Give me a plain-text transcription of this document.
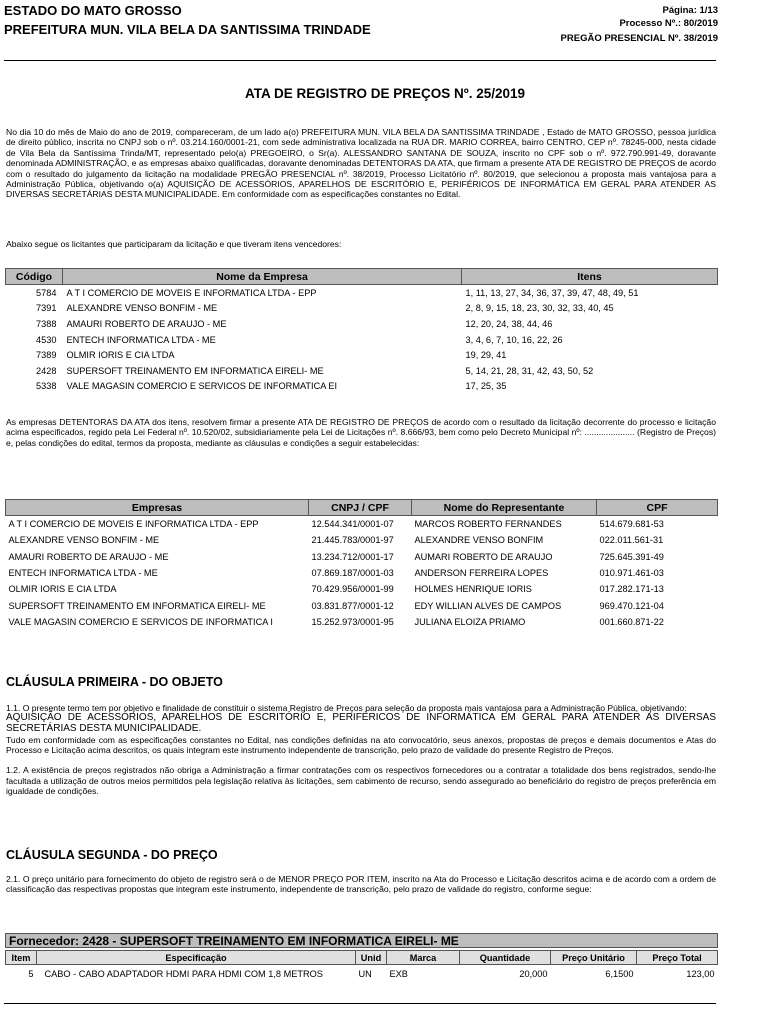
ESTADO DO MATO GROSSO
PREFEITURA MUN. VILA BELA DA SANTISSIMA TRINDADE
Página: 1/13
Processo Nº.: 80/2019
PREGÃO PRESENCIAL Nº. 38/2019
ATA DE REGISTRO DE PREÇOS Nº. 25/2019

No dia 10 do mês de Maio do ano de 2019, compareceram, de um lado a(o) PREFEITURA MUN. VILA BELA DA SANTISSIMA TRINDADE , Estado de MATO GROSSO, pessoa jurídica de direito público, inscrita no CNPJ sob o nº. 03.214.160/0001-21, com sede administrativa localizada na RUA DR. MARIO CORREA, bairro CENTRO, CEP nº. 78245-000, nesta cidade de Vila Bela da Santíssima Trinda/MT, representado pelo(a) PREGOEIRO, o Sr(a). ALESSANDRO SANTANA DE SOUZA, inscrito no CPF sob o nº. 972.790.991-49, doravante denominada ADMINISTRAÇÃO, e as empresas abaixo qualificadas, doravante denominadas DETENTORAS DA ATA, que firmam a presente ATA DE REGISTRO DE PREÇOS de acordo com o resultado do julgamento da licitação na modalidade PREGÃO PRESENCIAL nº. 38/2019, Processo Licitatório nº. 80/2019, que selecionou a proposta mais vantajosa para a Administração Pública, objetivando o(a) AQUISIÇÃO DE ACESSÓRIOS, APARELHOS DE ESCRITÓRIO E, PERIFÉRICOS DE INFORMÁTICA EM GERAL PARA ATENDER AS DIVERSAS SECRETÁRIAS DESTA MUNICIPALIDADE. Em conformidade com as especificações constantes no Edital.

Abaixo segue os licitantes que participaram da licitação e que tiveram itens vencedores:

Código	Nome da Empresa	Itens
5784	A T I COMERCIO DE MOVEIS E INFORMATICA LTDA - EPP	1, 11, 13, 27, 34, 36, 37, 39, 47, 48, 49, 51
7391	ALEXANDRE VENSO BONFIM - ME	2, 8, 9, 15, 18, 23, 30, 32, 33, 40, 45
7388	AMAURI ROBERTO DE ARAUJO - ME	12, 20, 24, 38, 44, 46
4530	ENTECH INFORMATICA LTDA - ME	3, 4, 6, 7, 10, 16, 22, 26
7389	OLMIR IORIS E CIA LTDA	19, 29, 41
2428	SUPERSOFT TREINAMENTO EM INFORMATICA EIRELI- ME	5, 14, 21, 28, 31, 42, 43, 50, 52
5338	VALE MAGASIN COMERCIO E SERVICOS DE INFORMATICA EI	17, 25, 35

As empresas DETENTORAS DA ATA dos itens, resolvem firmar a presente ATA DE REGISTRO DE PREÇOS de acordo com o resultado da licitação decorrente do processo e licitação acima especificados, regido pela Lei Federal nº. 10.520/02, subsidiariamente pela Lei de Licitações nº. 8.666/93, bem como pelo Decreto Municipal nº: ..................... (Registro de Preços) e, pelas condições do edital, termos da proposta, mediante as cláusulas e condições a seguir estabelecidas:

Empresas	CNPJ / CPF	Nome do Representante	CPF
A T I COMERCIO DE MOVEIS E INFORMATICA LTDA - EPP	12.544.341/0001-07	MARCOS ROBERTO FERNANDES	514.679.681-53
ALEXANDRE VENSO BONFIM - ME	21.445.783/0001-97	ALEXANDRE VENSO BONFIM	022.011.561-31
AMAURI ROBERTO DE ARAUJO - ME	13.234.712/0001-17	AUMARI ROBERTO DE ARAUJO	725.645.391-49
ENTECH INFORMATICA LTDA - ME	07.869.187/0001-03	ANDERSON FERREIRA LOPES	010.971.461-03
OLMIR IORIS E CIA LTDA	70.429.956/0001-99	HOLMES HENRIQUE IORIS	017.282.171-13
SUPERSOFT TREINAMENTO EM INFORMATICA EIRELI- ME	03.831.877/0001-12	EDY WILLIAN ALVES DE CAMPOS	969.470.121-04
VALE MAGASIN COMERCIO E SERVICOS DE INFORMATICA I	15.252.973/0001-95	JULIANA ELOIZA PRIAMO	001.660.871-22
CLÁUSULA PRIMEIRA - DO OBJETO

1.1. O presente termo tem por objetivo e finalidade de constituir o sistema Registro de Preços para seleção da proposta mais vantajosa para a Administração Pública, objetivando:

AQUISIÇÃO DE ACESSÓRIOS, APARELHOS DE ESCRITÓRIO E, PERIFÉRICOS DE INFORMÁTICA EM GERAL PARA ATENDER AS DIVERSAS SECRETÁRIAS DESTA MUNICIPALIDADE.

Tudo em conformidade com as especificações constantes no Edital, nas condições definidas na ato convocatório, seus anexos, propostas de preços e demais documentos e Atas do Processo e Licitação acima descritos, os quais integram este instrumento independente de transcrição, pelo prazo de validade do presente Registro de Preços.

1.2. A existência de preços registrados não obriga a Administração a firmar contratações com os respectivos fornecedores ou a contratar a totalidade dos bens registrados, sendo-lhe facultada a utilização de outros meios permitidos pela legislação relativa às licitações, sem cabimento de recurso, sendo assegurado ao beneficiário do registro de preços preferência em igualdade de condições.

CLÁUSULA SEGUNDA - DO PREÇO

2.1. O preço unitário para fornecimento do objeto de registro será o de MENOR PREÇO POR ITEM, inscrito na Ata do Processo e Licitação descritos acima e de acordo com a ordem de classificação das respectivas propostas que integram este instrumento, independente de transcrição, pelo prazo de validade do registro, conforme segue:

Fornecedor: 2428 - SUPERSOFT TREINAMENTO EM INFORMATICA EIRELI- ME
Item	Especificação	Unid	Marca	Quantidade	Preço Unitário	Preço Total
5	CABO - CABO ADAPTADOR HDMI PARA HDMI COM 1,8 METROS	UN	EXB	20,000	6,1500	123,00
